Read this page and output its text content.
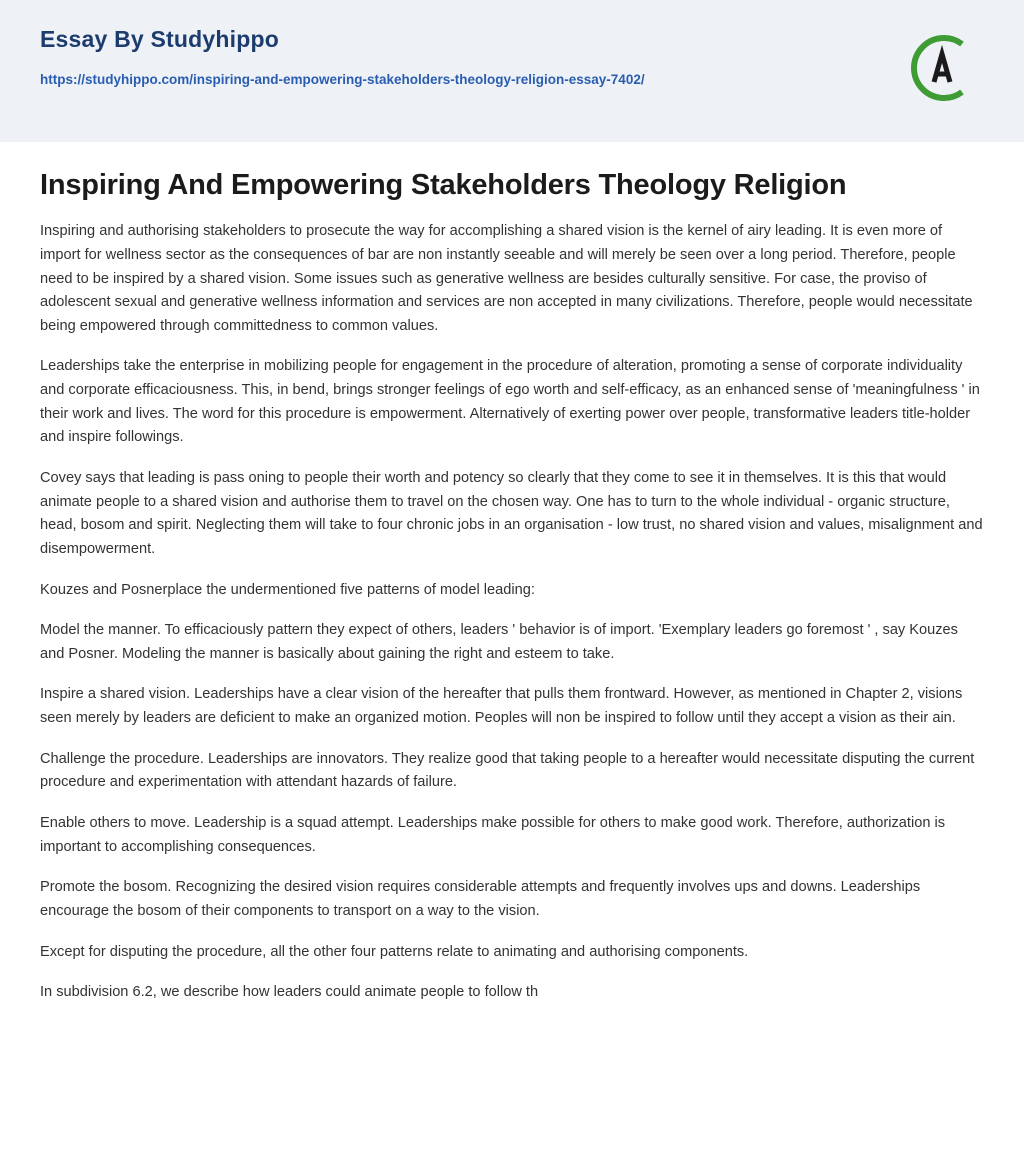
Essay By Studyhippo
https://studyhippo.com/inspiring-and-empowering-stakeholders-theology-religion-essay-7402/
Inspiring And Empowering Stakeholders Theology Religion

Inspiring and authorising stakeholders to prosecute the way for accomplishing a shared vision is the kernel of airy leading. It is even more of import for wellness sector as the consequences of bar are non instantly seeable and will merely be seen over a long period. Therefore, people need to be inspired by a shared vision. Some issues such as generative wellness are besides culturally sensitive. For case, the proviso of adolescent sexual and generative wellness information and services are non accepted in many civilizations. Therefore, people would necessitate being empowered through committedness to common values.

Leaderships take the enterprise in mobilizing people for engagement in the procedure of alteration, promoting a sense of corporate individuality and corporate efficaciousness. This, in bend, brings stronger feelings of ego worth and self-efficacy, as an enhanced sense of 'meaningfulness ' in their work and lives. The word for this procedure is empowerment. Alternatively of exerting power over people, transformative leaders title-holder and inspire followings.

Covey says that leading is pass oning to people their worth and potency so clearly that they come to see it in themselves. It is this that would animate people to a shared vision and authorise them to travel on the chosen way. One has to turn to the whole individual - organic structure, head, bosom and spirit. Neglecting them will take to four chronic jobs in an organisation - low trust, no shared vision and values, misalignment and disempowerment.

Kouzes and Posnerplace the undermentioned five patterns of model leading:

Model the manner. To efficaciously pattern they expect of others, leaders ' behavior is of import. 'Exemplary leaders go foremost ' , say Kouzes and Posner. Modeling the manner is basically about gaining the right and esteem to take.

Inspire a shared vision. Leaderships have a clear vision of the hereafter that pulls them frontward. However, as mentioned in Chapter 2, visions seen merely by leaders are deficient to make an organized motion. Peoples will non be inspired to follow until they accept a vision as their ain.

Challenge the procedure. Leaderships are innovators. They realize good that taking people to a hereafter would necessitate disputing the current procedure and experimentation with attendant hazards of failure.

Enable others to move. Leadership is a squad attempt. Leaderships make possible for others to make good work. Therefore, authorization is important to accomplishing consequences.

Promote the bosom. Recognizing the desired vision requires considerable attempts and frequently involves ups and downs. Leaderships encourage the bosom of their components to transport on a way to the vision.

Except for disputing the procedure, all the other four patterns relate to animating and authorising components.

In subdivision 6.2, we describe how leaders could animate people to follow th
